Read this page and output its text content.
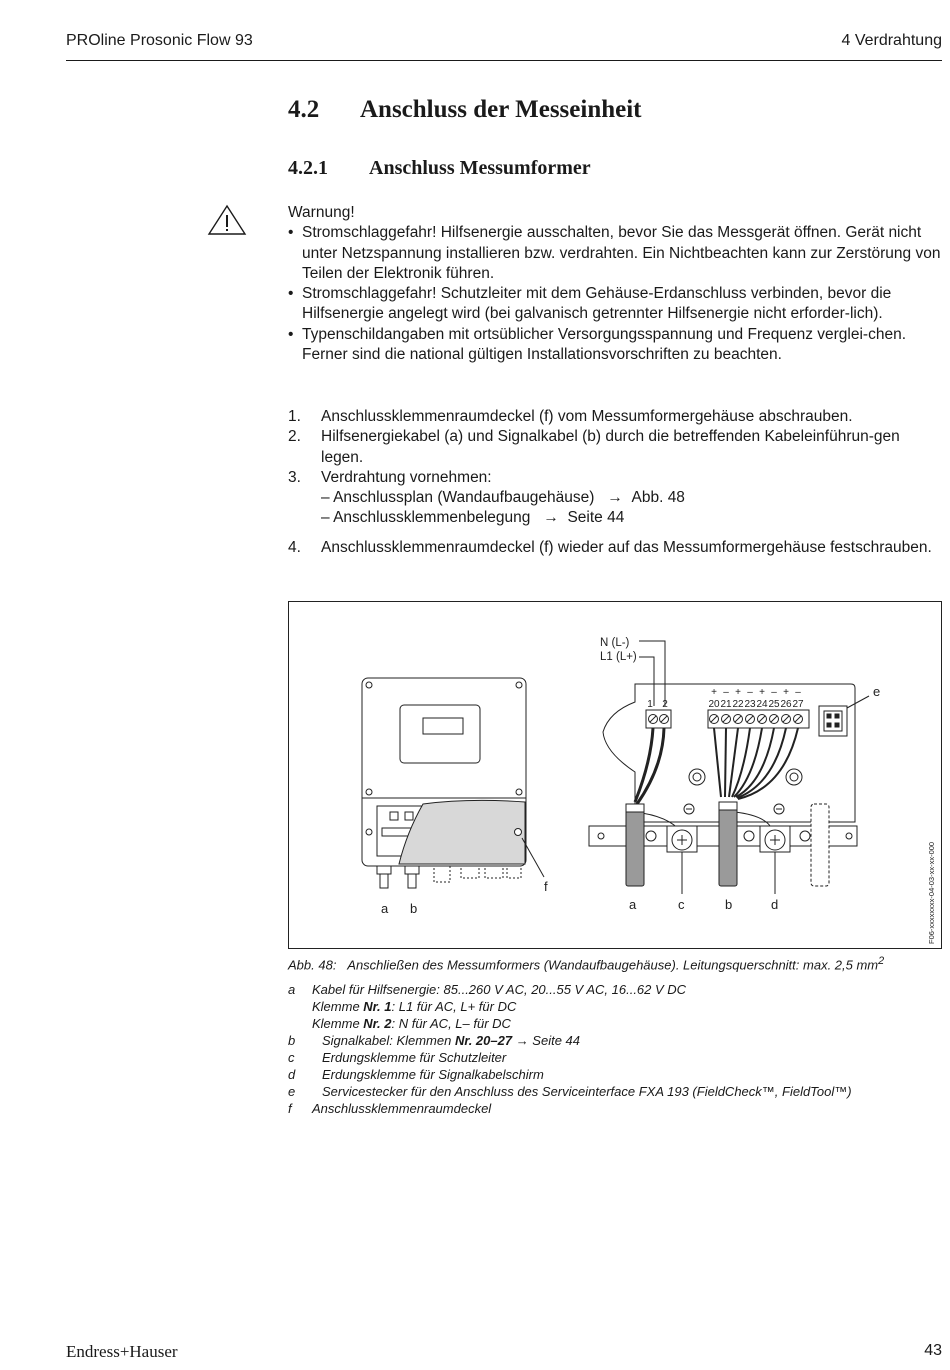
PROline Prosonic Flow 93	4 Verdrahtung
4.2 Anschluss der Messeinheit
4.2.1 Anschluss Messumformer
Warnung!
• Stromschlaggefahr! Hilfsenergie ausschalten, bevor Sie das Messgerät öffnen. Gerät nicht unter Netzspannung installieren bzw. verdrahten. Ein Nichtbeachten kann zur Zerstörung von Teilen der Elektronik führen.
• Stromschlaggefahr! Schutzleiter mit dem Gehäuse-Erdanschluss verbinden, bevor die Hilfsenergie angelegt wird (bei galvanisch getrennter Hilfsenergie nicht erforder-lich).
• Typenschildangaben mit ortsüblicher Versorgungsspannung und Frequenz verglei-chen. Ferner sind die national gültigen Installationsvorschriften zu beachten.
1. Anschlussklemmenraumdeckel (f) vom Messumformergehäuse abschrauben.
2. Hilfsenergiekabel (a) und Signalkabel (b) durch die betreffenden Kabeleinführun-gen legen.
3. Verdrahtung vornehmen:
– Anschlussplan (Wandaufbaugehäuse)   →  Abb. 48
– Anschlussklemmenbelegung   →  Seite 44
4. Anschlussklemmenraumdeckel (f) wieder auf das Messumformergehäuse festschrauben.
a b
f
N (L-)
L1 (L+)
1 2	20 21 22 23 24 25 26 27
+ – + – + – + –	e
a	c	b	d	F06-xxxxxxxx-04-03-xx-xx-000
Abb. 48: Anschließen des Messumformers (Wandaufbaugehäuse). Leitungsquerschnitt: max. 2,5 $mm^2$
a Kabel für Hilfsenergie: 85...260 V AC, 20...55 V AC, 16...62 V DC
Klemme Nr. 1: L1 für AC, L+ für DC
Klemme Nr. 2: N für AC, L– für DC
b Signalkabel: Klemmen Nr. 20–27 → Seite 44
c Erdungsklemme für Schutzleiter
d Erdungsklemme für Signalkabelschirm
e Servicestecker für den Anschluss des Serviceinterface FXA 193 (FieldCheck™, FieldTool™)
f Anschlussklemmenraumdeckel
Endress+Hauser	43
